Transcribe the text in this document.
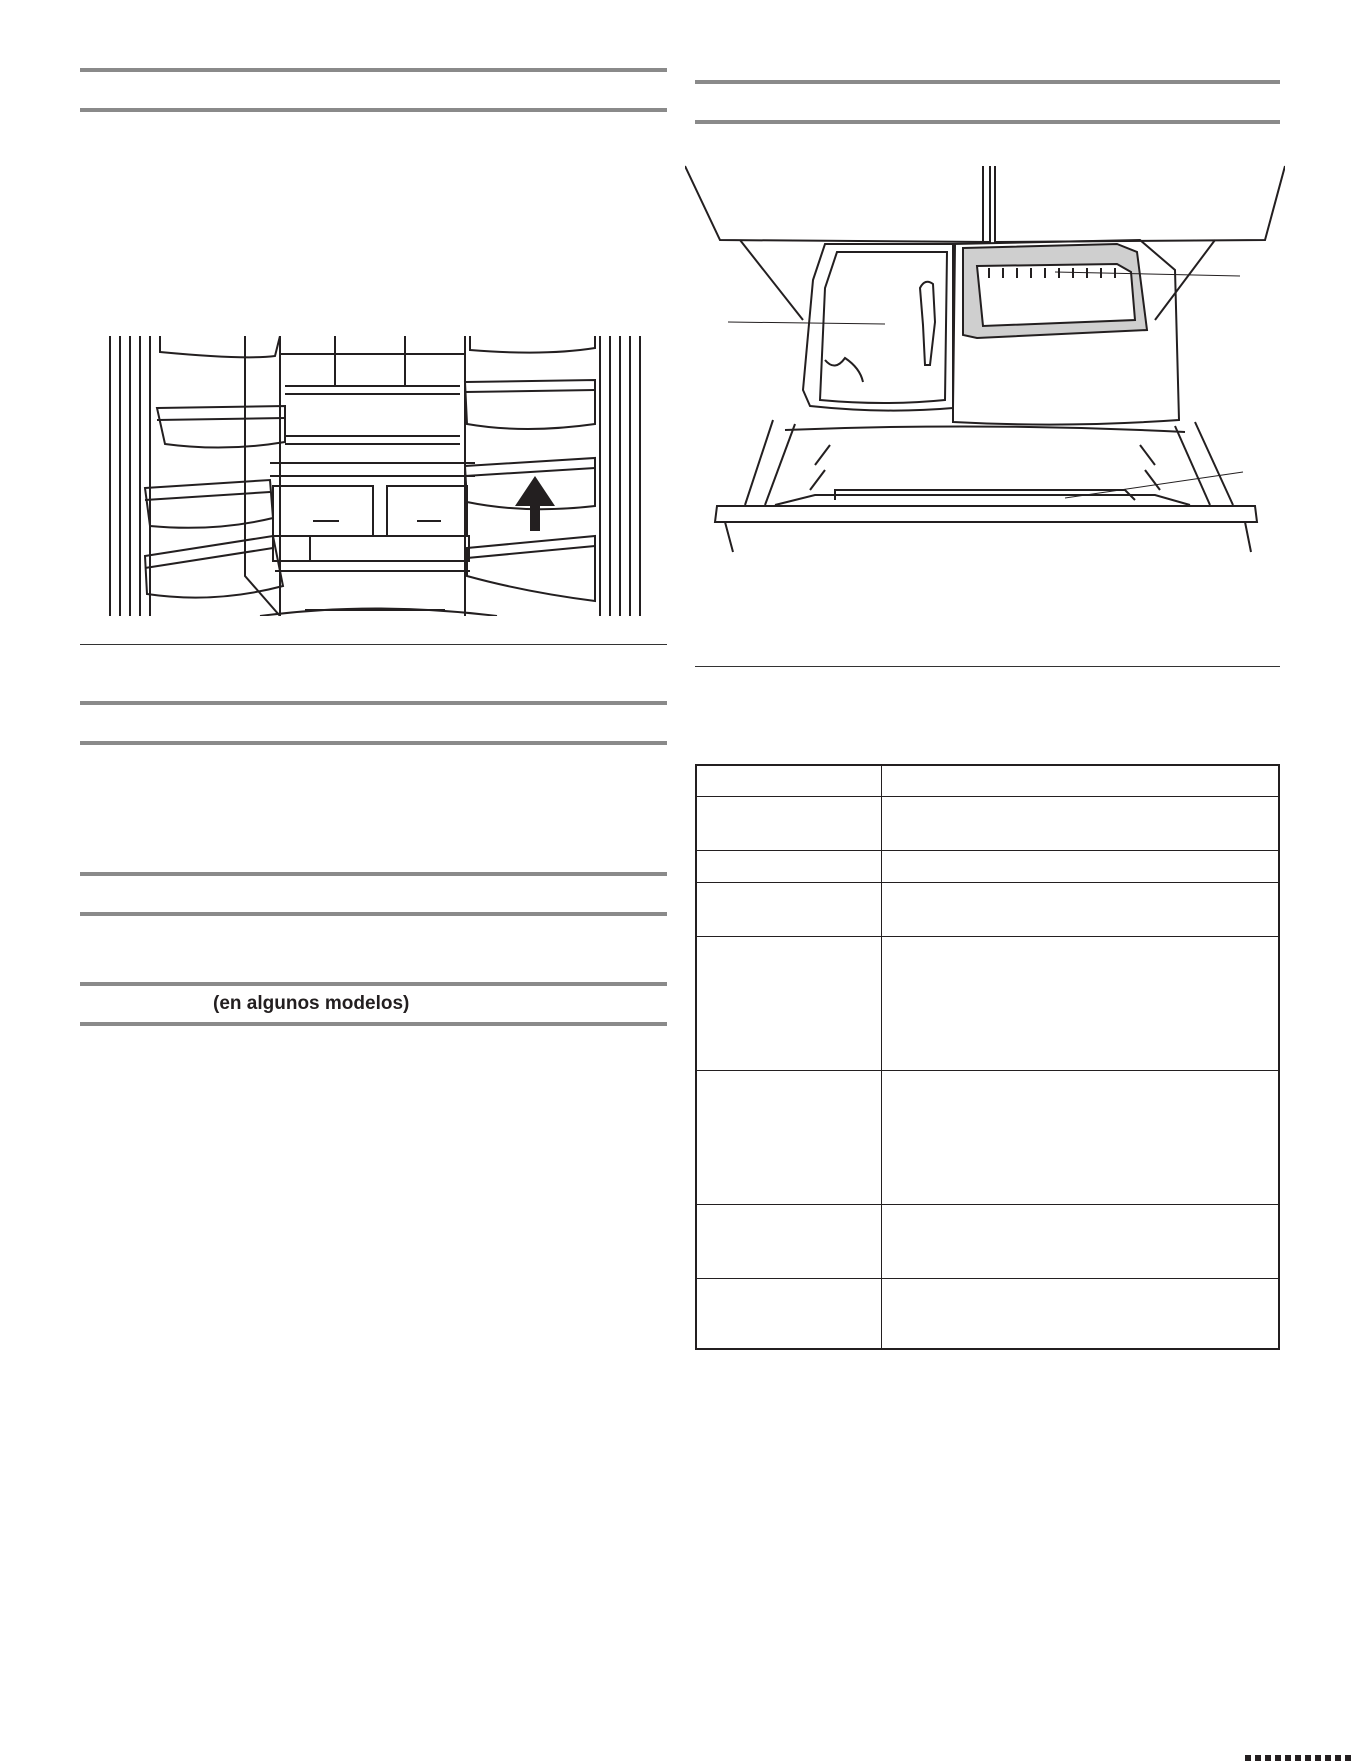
(en algunos modelos)
